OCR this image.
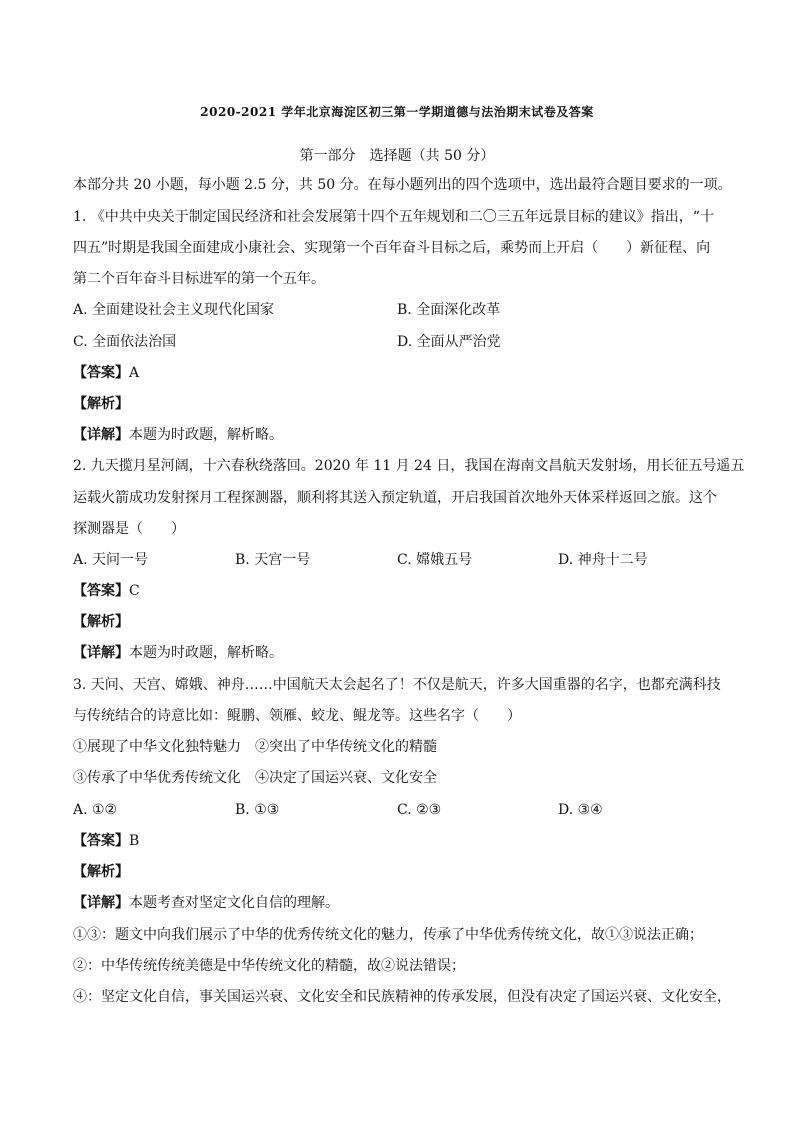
2020-2021 学年北京海淀区初三第一学期道德与法治期末试卷及答案
第一部分　选择题（共 50 分）
本部分共 20 小题，每小题 2.5 分，共 50 分。在每小题列出的四个选项中，选出最符合题目要求的一项。
1. 《中共中央关于制定国民经济和社会发展第十四个五年规划和二〇三五年远景目标的建议》指出，“十
四五”时期是我国全面建成小康社会、实现第一个百年奋斗目标之后，乘势而上开启（　　）新征程、向
第二个百年奋斗目标进军的第一个五年。
A. 全面建设社会主义现代化国家	B. 全面深化改革
C. 全面依法治国	D. 全面从严治党
【答案】A
【解析】
【详解】本题为时政题，解析略。
2. 九天揽月星河阔，十六春秋绕落回。2020 年 11 月 24 日，我国在海南文昌航天发射场，用长征五号遥五
运载火箭成功发射探月工程探测器，顺利将其送入预定轨道，开启我国首次地外天体采样返回之旅。这个
探测器是（　　）
A. 天问一号	B. 天宫一号	C. 嫦娥五号	D. 神舟十二号
【答案】C
【解析】
【详解】本题为时政题，解析略。
3. 天问、天宫、嫦娥、神舟……中国航天太会起名了！不仅是航天，许多大国重器的名字，也都充满科技
与传统结合的诗意比如：鲲鹏、领雁、蛟龙、鲲龙等。这些名字（　　）
①展现了中华文化独特魅力　②突出了中华传统文化的精髓
③传承了中华优秀传统文化　④决定了国运兴衰、文化安全
A. ①②	B. ①③	C. ②③	D. ③④
【答案】B
【解析】
【详解】本题考查对坚定文化自信的理解。
①③：题文中向我们展示了中华的优秀传统文化的魅力，传承了中华优秀传统文化，故①③说法正确；
②：中华传统传统美德是中华传统文化的精髓，故②说法错误；
④：坚定文化自信，事关国运兴衰、文化安全和民族精神的传承发展，但没有决定了国运兴衰、文化安全，
